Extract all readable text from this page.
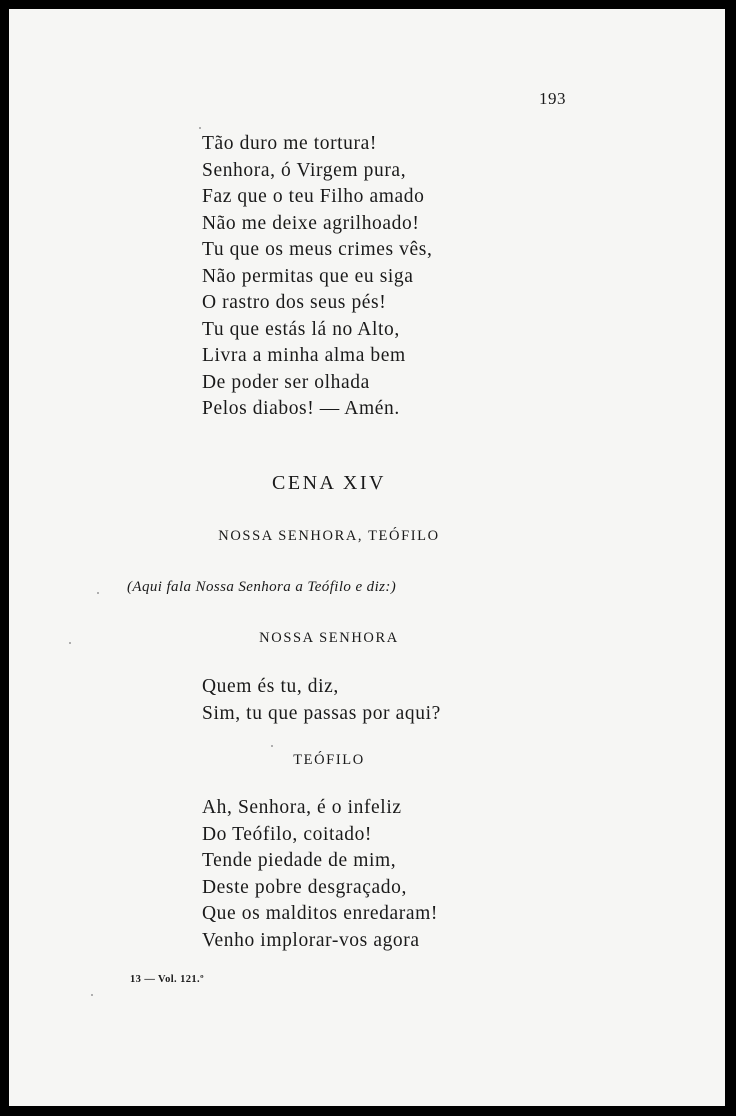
193
Tão duro me tortura!
Senhora, ó Virgem pura,
Faz que o teu Filho amado
Não me deixe agrilhoado!
Tu que os meus crimes vês,
Não permitas que eu siga
O rastro dos seus pés!
Tu que estás lá no Alto,
Livra a minha alma bem
De poder ser olhada
Pelos diabos! — Amén.
CENA XIV
NOSSA SENHORA, TEÓFILO
(Aqui fala Nossa Senhora a Teófilo e diz:)
NOSSA SENHORA
Quem és tu, diz,
Sim, tu que passas por aqui?
TEÓFILO
Ah, Senhora, é o infeliz
Do Teófilo, coitado!
Tende piedade de mim,
Deste pobre desgraçado,
Que os malditos enredaram!
Venho implorar-vos agora
13 — Vol. 121.º
